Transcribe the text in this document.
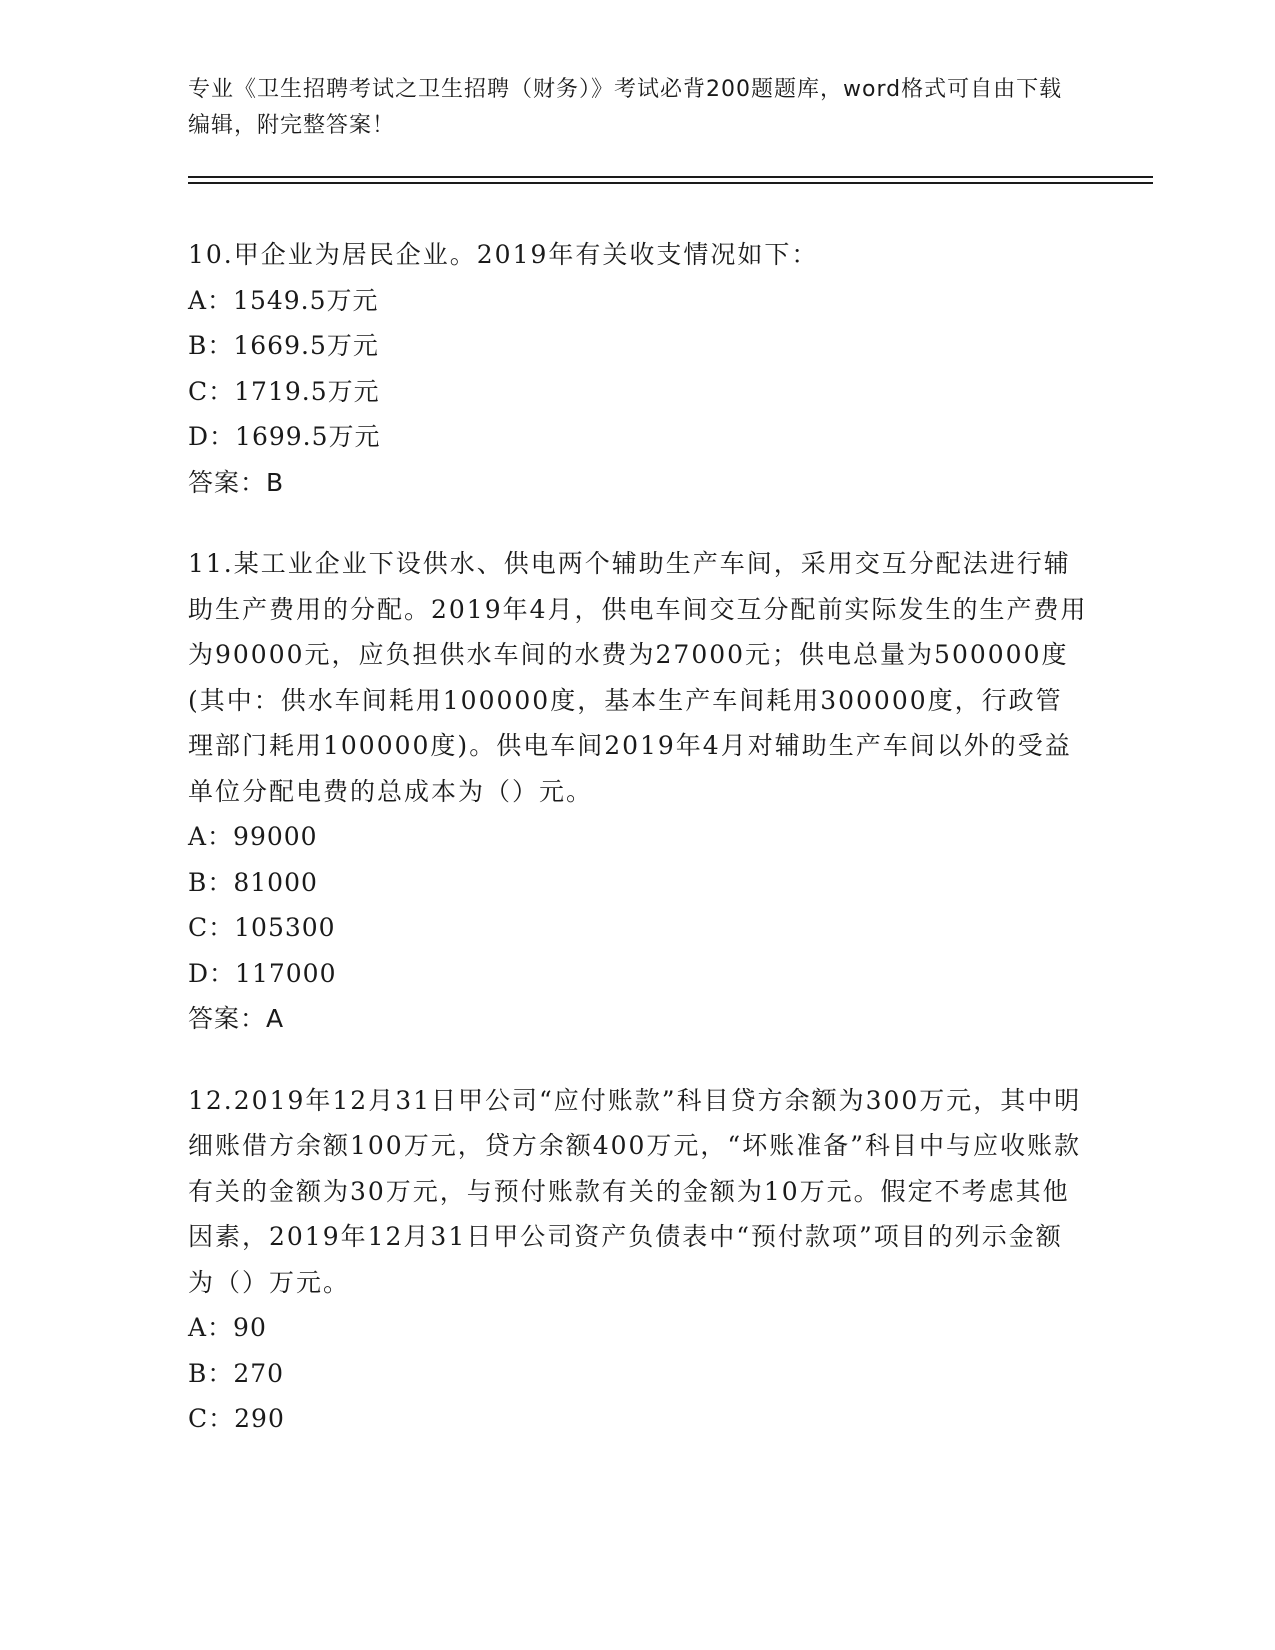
专业《卫生招聘考试之卫生招聘（财务）》考试必背200题题库，word格式可自由下载编辑，附完整答案！

10.甲企业为居民企业。2019年有关收支情况如下：

A：1549.5万元

B：1669.5万元

C：1719.5万元

D：1699.5万元

答案：B

11.某工业企业下设供水、供电两个辅助生产车间，采用交互分配法进行辅助生产费用的分配。2019年4月，供电车间交互分配前实际发生的生产费用为90000元，应负担供水车间的水费为27000元；供电总量为500000度(其中：供水车间耗用100000度，基本生产车间耗用300000度，行政管理部门耗用100000度)。供电车间2019年4月对辅助生产车间以外的受益单位分配电费的总成本为（）元。

A：99000

B：81000

C：105300

D：117000

答案：A

12.2019年12月31日甲公司“应付账款”科目贷方余额为300万元，其中明细账借方余额100万元，贷方余额400万元，“坏账准备”科目中与应收账款有关的金额为30万元，与预付账款有关的金额为10万元。假定不考虑其他因素，2019年12月31日甲公司资产负债表中“预付款项”项目的列示金额为（）万元。

A：90

B：270

C：290
